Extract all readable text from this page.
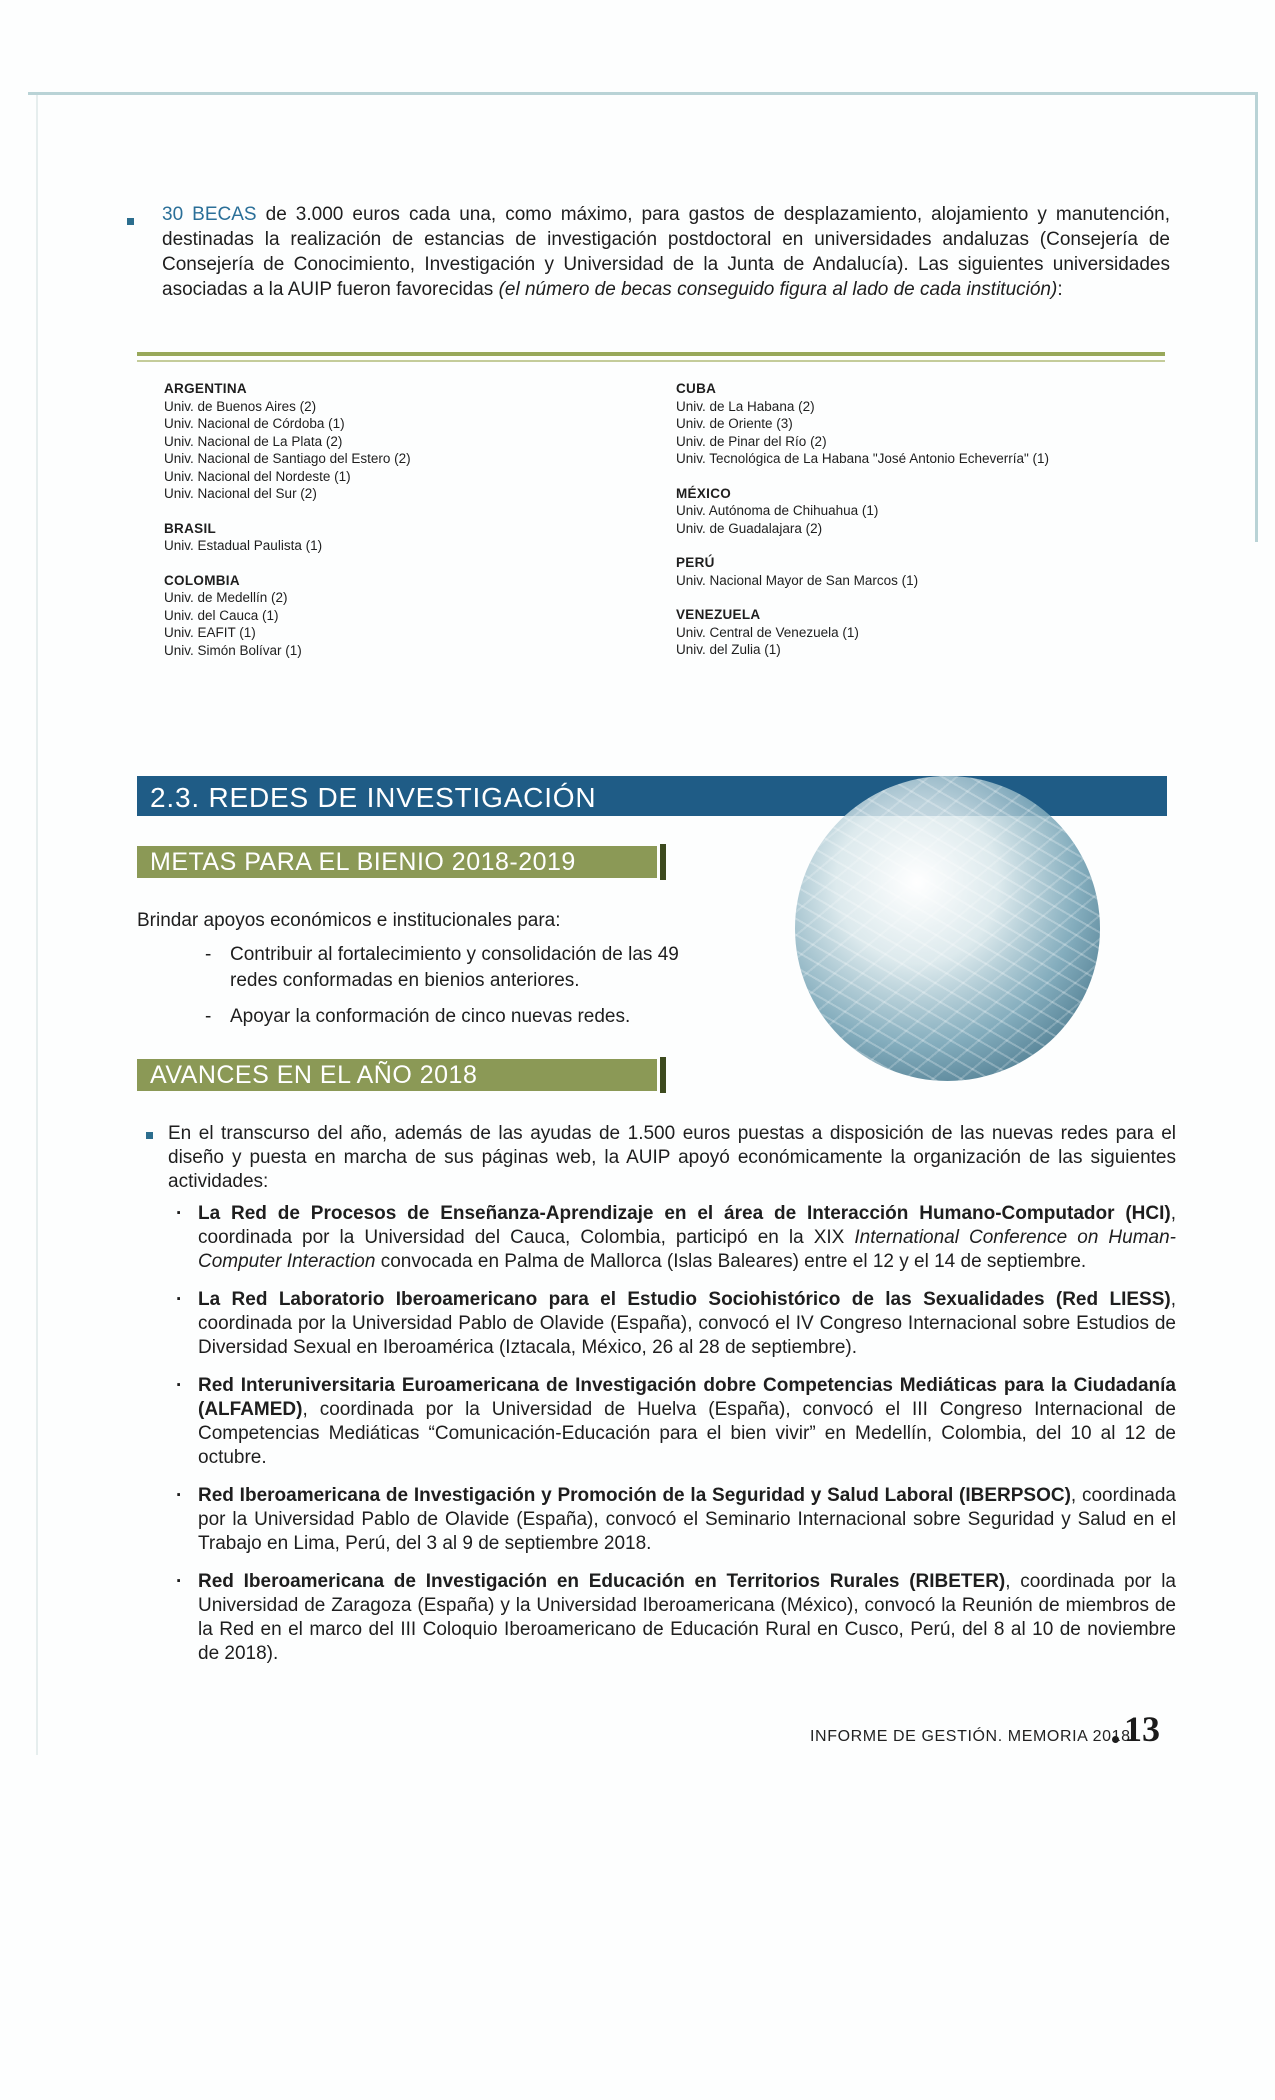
30 BECAS de 3.000 euros cada una, como máximo, para gastos de desplazamiento, alojamiento y manutención, destinadas la realización de estancias de investigación postdoctoral en universidades andaluzas (Consejería de Consejería de Conocimiento, Investigación y Universidad de la Junta de Andalucía). Las siguientes universidades asociadas a la AUIP fueron favorecidas (el número de becas conseguido figura al lado de cada institución):
ARGENTINA
Univ. de Buenos Aires (2)
Univ. Nacional de Córdoba (1)
Univ. Nacional de La Plata (2)
Univ. Nacional de Santiago del Estero (2)
Univ. Nacional del Nordeste (1)
Univ. Nacional del Sur (2)
BRASIL
Univ. Estadual Paulista (1)
COLOMBIA
Univ. de Medellín (2)
Univ. del Cauca (1)
Univ. EAFIT (1)
Univ. Simón Bolívar (1)
CUBA
Univ. de La Habana (2)
Univ. de Oriente (3)
Univ. de Pinar del Río (2)
Univ. Tecnológica de La Habana "José Antonio Echeverría" (1)
MÉXICO
Univ. Autónoma de Chihuahua (1)
Univ. de Guadalajara (2)
PERÚ
Univ. Nacional Mayor de San Marcos (1)
VENEZUELA
Univ. Central de Venezuela (1)
Univ. del Zulia (1)
2.3. REDES DE INVESTIGACIÓN
METAS PARA EL BIENIO 2018-2019
Brindar apoyos económicos e institucionales para:
- Contribuir al fortalecimiento y consolidación de las 49 redes conformadas en bienios anteriores.
- Apoyar la conformación de cinco nuevas redes.
AVANCES EN EL AÑO 2018
En el transcurso del año, además de las ayudas de 1.500 euros puestas a disposición de las nuevas redes para el diseño y puesta en marcha de sus páginas web, la AUIP apoyó económicamente la organización de las siguientes actividades:
· La Red de Procesos de Enseñanza-Aprendizaje en el área de Interacción Humano-Computador (HCI), coordinada por la Universidad del Cauca, Colombia, participó en la XIX International Conference on Human-Computer Interaction convocada en Palma de Mallorca (Islas Baleares) entre el 12 y el 14 de septiembre.
· La Red Laboratorio Iberoamericano para el Estudio Sociohistórico de las Sexualidades (Red LIESS), coordinada por la Universidad Pablo de Olavide (España), convocó el IV Congreso Internacional sobre Estudios de Diversidad Sexual en Iberoamérica (Iztacala, México, 26 al 28 de septiembre).
· Red Interuniversitaria Euroamericana de Investigación dobre Competencias Mediáticas para la Ciudadanía (ALFAMED), coordinada por la Universidad de Huelva (España), convocó el III Congreso Internacional de Competencias Mediáticas “Comunicación-Educación para el bien vivir” en Medellín, Colombia, del 10 al 12 de octubre.
· Red Iberoamericana de Investigación y Promoción de la Seguridad y Salud Laboral (IBERPSOC), coordinada por la Universidad Pablo de Olavide (España), convocó el Seminario Internacional sobre Seguridad y Salud en el Trabajo en Lima, Perú, del 3 al 9 de septiembre 2018.
· Red Iberoamericana de Investigación en Educación en Territorios Rurales (RIBETER), coordinada por la Universidad de Zaragoza (España) y la Universidad Iberoamericana (México), convocó la Reunión de miembros de la Red en el marco del III Coloquio Iberoamericano de Educación Rural en Cusco, Perú, del 8 al 10 de noviembre de 2018).
INFORME DE GESTIÓN. MEMORIA 2018
13
